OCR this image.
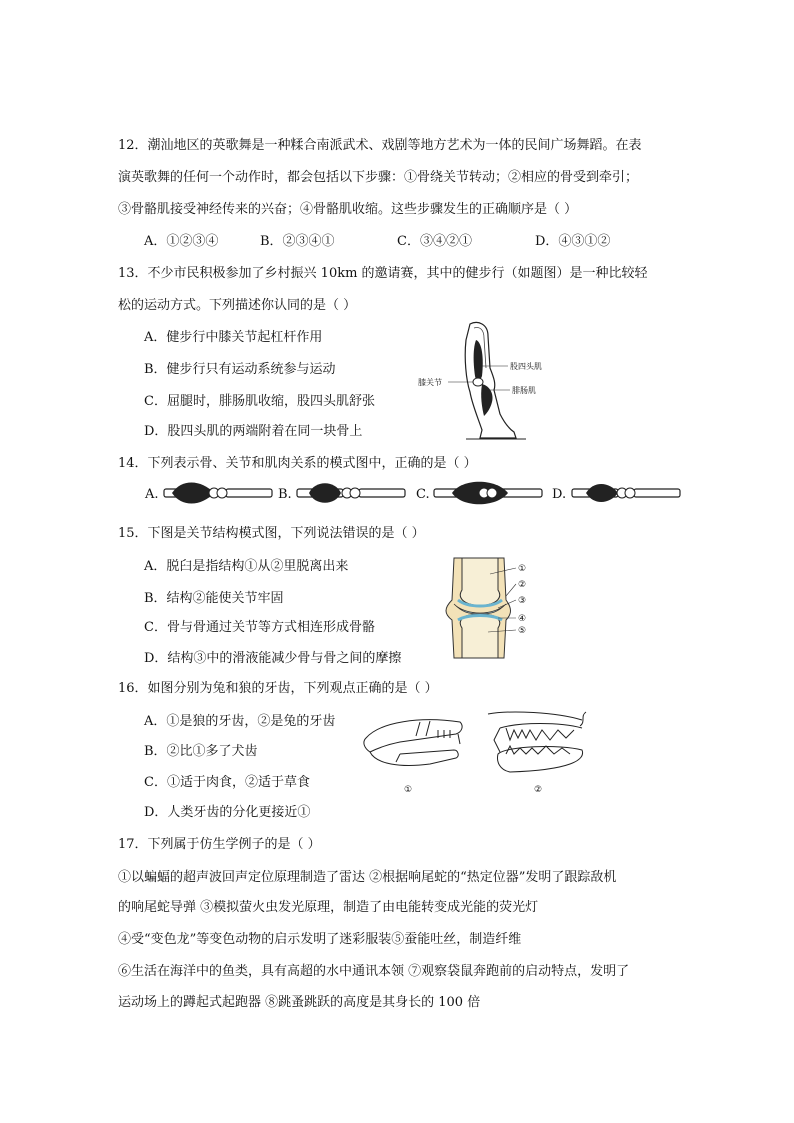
12．潮汕地区的英歌舞是一种糅合南派武术、戏剧等地方艺术为一体的民间广场舞蹈。在表
演英歌舞的任何一个动作时，都会包括以下步骤：①骨绕关节转动；②相应的骨受到牵引；
③骨骼肌接受神经传来的兴奋；④骨骼肌收缩。这些步骤发生的正确顺序是（ ）
A．①②③④	B．②③④①	C．③④②①	D．④③①②
13．不少市民积极参加了乡村振兴 10km 的邀请赛，其中的健步行（如题图）是一种比较轻
松的运动方式。下列描述你认同的是（ ）
A．健步行中膝关节起杠杆作用
B．健步行只有运动系统参与运动
C．屈腿时，腓肠肌收缩，股四头肌舒张
D．股四头肌的两端附着在同一块骨上
股四头肌
膝关节
腓肠肌
14．下列表示骨、关节和肌肉关系的模式图中，正确的是（ ）
A.	B.	C.	D.
15．下图是关节结构模式图，下列说法错误的是（ ）
A．脱臼是指结构①从②里脱离出来
B．结构②能使关节牢固
C．骨与骨通过关节等方式相连形成骨骼
D．结构③中的滑液能减少骨与骨之间的摩擦
①
②
③
④
⑤
16．如图分别为兔和狼的牙齿，下列观点正确的是（ ）
A．①是狼的牙齿，②是兔的牙齿
B．②比①多了犬齿
C．①适于肉食，②适于草食
D．人类牙齿的分化更接近①
①	②
17．下列属于仿生学例子的是（ ）
①以蝙蝠的超声波回声定位原理制造了雷达 ②根据响尾蛇的“热定位器”发明了跟踪敌机
的响尾蛇导弹 ③模拟萤火虫发光原理，制造了由电能转变成光能的荧光灯
④受“变色龙”等变色动物的启示发明了迷彩服装⑤蚕能吐丝，制造纤维
⑥生活在海洋中的鱼类，具有高超的水中通讯本领 ⑦观察袋鼠奔跑前的启动特点，发明了
运动场上的蹲起式起跑器 ⑧跳蚤跳跃的高度是其身长的 100 倍
